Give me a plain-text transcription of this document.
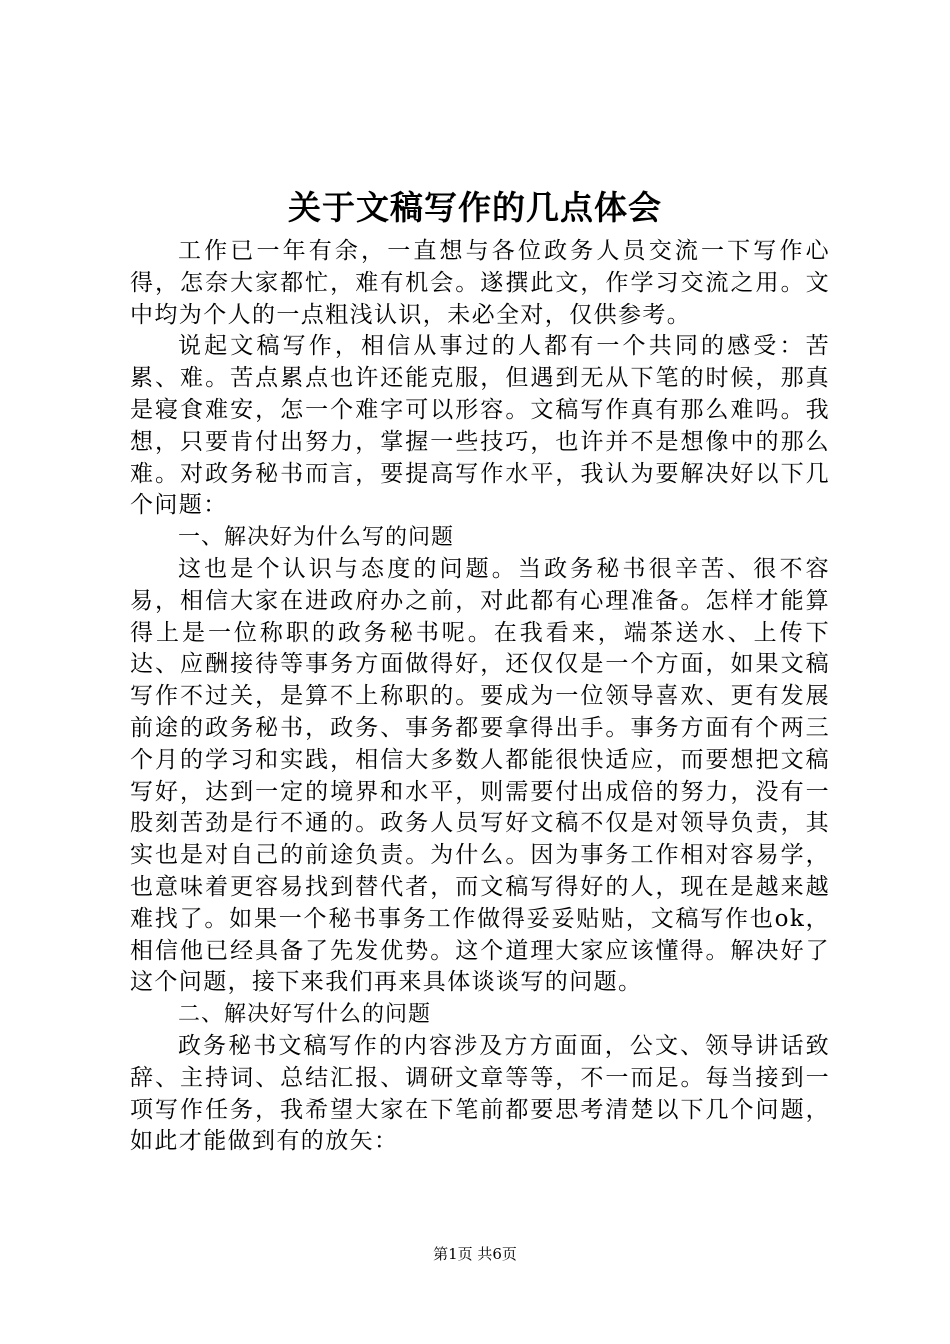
关于文稿写作的几点体会

工作已一年有余，一直想与各位政务人员交流一下写作心得，怎奈大家都忙，难有机会。遂撰此文，作学习交流之用。文中均为个人的一点粗浅认识，未必全对，仅供参考。

说起文稿写作，相信从事过的人都有一个共同的感受：苦累、难。苦点累点也许还能克服，但遇到无从下笔的时候，那真是寝食难安，怎一个难字可以形容。文稿写作真有那么难吗。我想，只要肯付出努力，掌握一些技巧，也许并不是想像中的那么难。对政务秘书而言，要提高写作水平，我认为要解决好以下几个问题：

一、解决好为什么写的问题

这也是个认识与态度的问题。当政务秘书很辛苦、很不容易，相信大家在进政府办之前，对此都有心理准备。怎样才能算得上是一位称职的政务秘书呢。在我看来，端茶送水、上传下达、应酬接待等事务方面做得好，还仅仅是一个方面，如果文稿写作不过关，是算不上称职的。要成为一位领导喜欢、更有发展前途的政务秘书，政务、事务都要拿得出手。事务方面有个两三个月的学习和实践，相信大多数人都能很快适应，而要想把文稿写好，达到一定的境界和水平，则需要付出成倍的努力，没有一股刻苦劲是行不通的。政务人员写好文稿不仅是对领导负责，其实也是对自己的前途负责。为什么。因为事务工作相对容易学，也意味着更容易找到替代者，而文稿写得好的人，现在是越来越难找了。如果一个秘书事务工作做得妥妥贴贴，文稿写作也ok，相信他已经具备了先发优势。这个道理大家应该懂得。解决好了这个问题，接下来我们再来具体谈谈写的问题。

二、解决好写什么的问题

政务秘书文稿写作的内容涉及方方面面，公文、领导讲话致辞、主持词、总结汇报、调研文章等等，不一而足。每当接到一项写作任务，我希望大家在下笔前都要思考清楚以下几个问题，如此才能做到有的放矢：

第1页 共6页
